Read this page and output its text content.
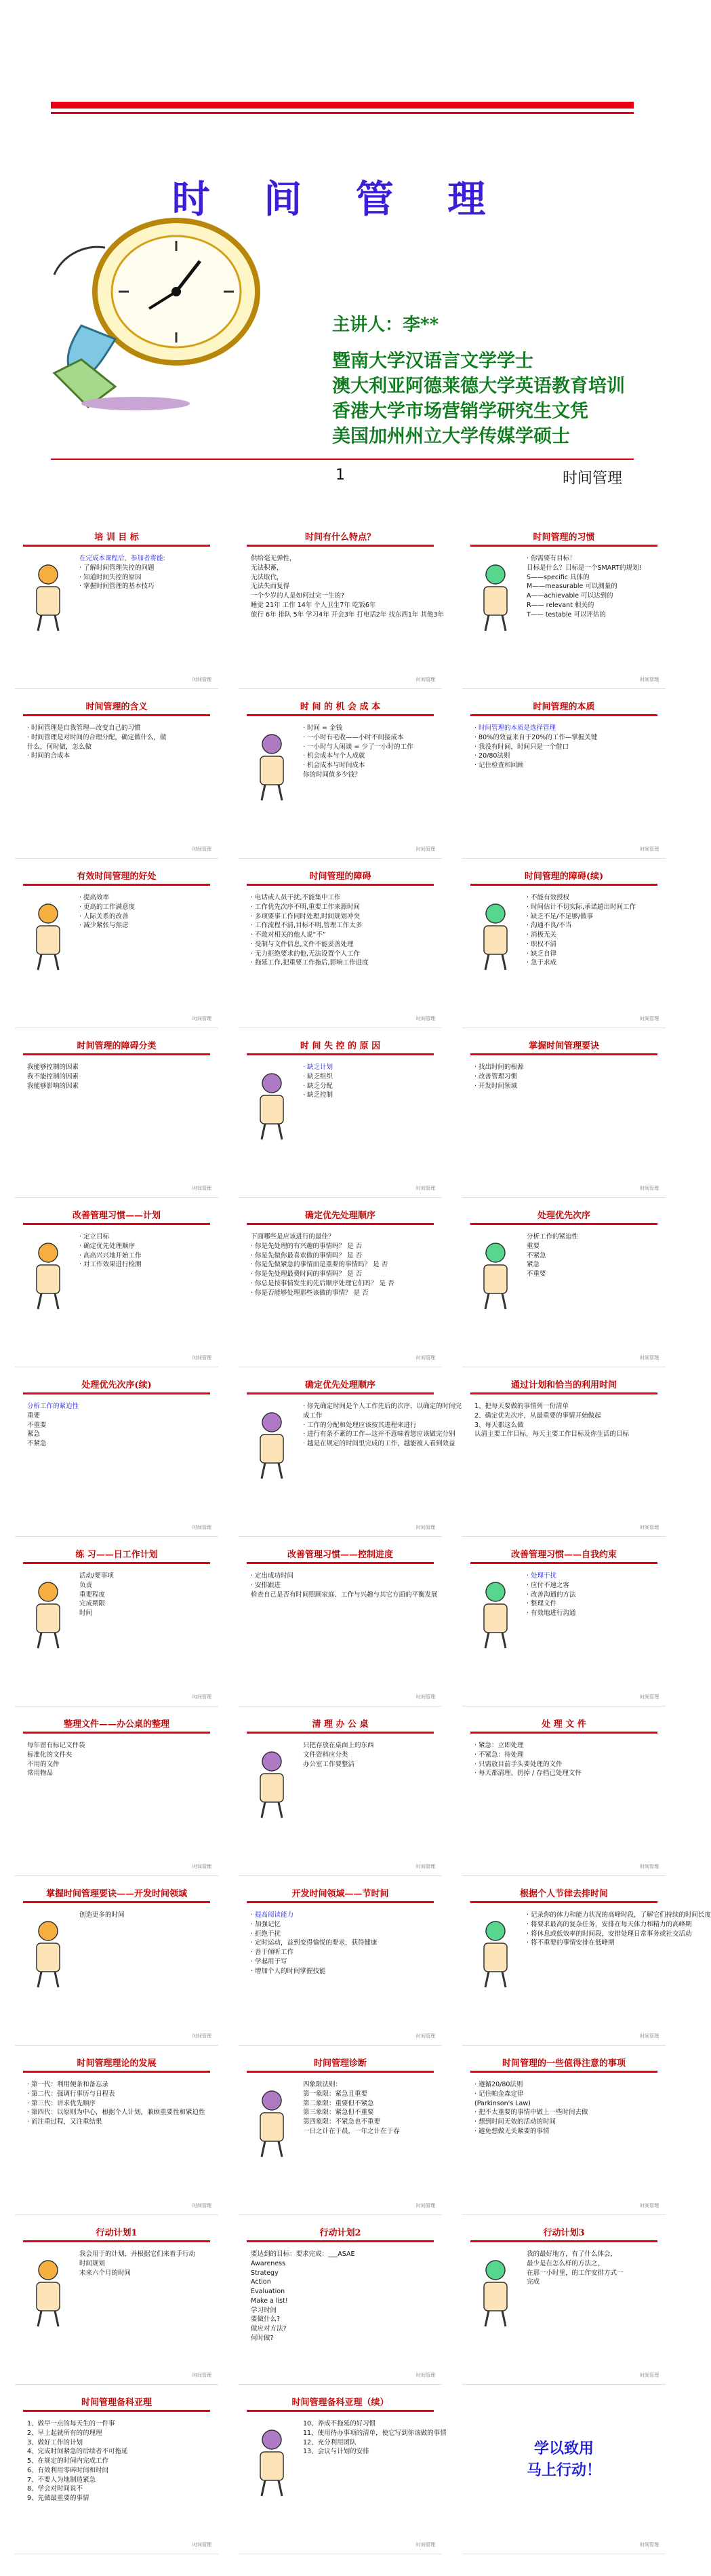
时 间 管 理
主讲人：李**
暨南大学汉语言文学学士
澳大利亚阿德莱德大学英语教育培训
香港大学市场营销学研究生文凭
美国加州州立大学传媒学硕士
1	时间管理
培 训 目 标
在完成本课程后，参加者将能:
· 了解时间管理失控的问题
· 知道时间失控的原因
· 掌握时间管理的基本技巧
时间管理
时间有什么特点？
供给毫无弹性，
无法积蓄，
无法取代，
无法失而复得
一个少岁的人是如何过完一生的?
睡觉 21年 工作 14年 个人卫生7年 吃饭6年
旅行 6年 排队 5年 学习4年 开会3年 打电话2年 找东西1年 其他3年
时间管理
时间管理的习惯
· 你需要有目标！
目标是什么？目标是一个SMART的规划!
S——specific 具体的
M——measurable 可以测量的
A——achievable 可以达到的
R—— relevant 相关的
T—— testable 可以评估的
时间管理
时间管理的含义
· 时间管理是自我管理—改变自己的习惯
· 时间管理是对时间的合理分配，确定做什么，做
什么，何时做，怎么做
· 时间的合成本
时间管理
时 间 的 机 会 成 本
· 时间 = 金钱
· 一小时有毛收——小时不间接成本
· 一小时与人闲谈 = 少了一小时的工作
· 机会成本与个人成就
· 机会成本与时间成本
你的时间值多少钱？
时间管理
时间管理的本质
· 时间管理的本质是选择管理
· 80%的效益来自于20%的工作—掌握关键
· 我没有时间，时间只是一个借口
· 20/80法则
· 记住检查和回顾
时间管理
有效时间管理的好处
· 提高效率
· 更高的工作满意度
· 人际关系的改善
· 减少紧张与焦虑
时间管理
时间管理的障碍
· 电话或人员干扰,不能集中工作
· 工作优先次序不明,重要工作来源时间
· 多项要事工作同时处理,时间规划冲突
· 工作流程不清,目标不明,管理工作太多
· 不敢对相关的他人说“不”
· 受制与文件信息,文件不能妥善处理
· 无力拒绝要求的他,无法设置个人工作
· 拖延工作,把重要工作拖后,影响工作进度
时间管理
时间管理的障碍(续)
· 不能有效授权
· 时间估计不切实际,承诺超出时间工作
· 缺乏不足/不足够/做事
· 沟通不良/不当
· 消极无关
· 职权不清
· 缺乏自律
· 急于求成
时间管理
时间管理的障碍分类
我能够控制的因素
我不能控制的因素
我能够影响的因素
时间管理
时 间 失 控 的 原 因
· 缺乏计划
· 缺乏组织
· 缺乏分配
· 缺乏控制
时间管理
掌握时间管理要诀
· 找出时间的根源
· 改善管理习惯
· 开发时间领域
时间管理
改善管理习惯——计划
· 定立目标
· 确定优先处理顺序
· 高高兴兴地开始工作
· 对工作效果进行检测
时间管理
确定优先处理顺序
下面哪些是应该进行的最佳？
· 你是先处理的有兴趣的事情吗？ 是 否
· 你是先做你最喜欢做的事情吗？ 是 否
· 你是先做紧急的事情而是重要的事情吗？ 是 否
· 你是先处理最费时间的事情吗？ 是 否
· 你总是按事情发生的先后顺序处理它们吗？ 是 否
· 你是否能够处理那些该做的事情？ 是 否
时间管理
处理优先次序
分析工作的紧迫性
重要
不紧急
紧急
不重要
时间管理
处理优先次序(续)
分析工作的紧迫性
重要
不重要
紧急
不紧急
时间管理
确定优先处理顺序
· 你先确定时间是个人工作先后的次序，以确定的时间完
成工作
· 工作的分配和处理应该按其进程来进行
· 进行有条不紊的工作—这并不意味着您应该做完分别
· 越是在规定的时间里完成的工作，越能被人看到效益
时间管理
通过计划和恰当的利用时间
1、把每天要做的事情列一份清单
2、确定优先次序，从最重要的事情开始做起
3、每天都这么做
认清主要工作目标，每天主要工作目标及你生活的目标
时间管理
练 习——日工作计划
活动/要事项
负责
重要程度
完成期限
时间
时间管理
改善管理习惯——控制进度
· 定出成功时间
· 安排跟进
检查自己是否有时间照顾家庭、工作与兴趣与其它方面的平衡发展
时间管理
改善管理习惯——自我约束
· 处理干扰
· 应付不速之客
· 改善沟通的方法
· 整理文件
· 有效地进行沟通
时间管理
整理文件——办公桌的整理
每年留有标记文件袋
标准化的文件夹
不用的文件
常用物品
时间管理
清 理 办 公 桌
只把存放在桌面上的东西
文件资料应分类
办公室工作要整洁
时间管理
处 理 文 件
· 紧急：立即处理
· 不紧急：待处理
· 只需放目前手头要处理的文件
· 每天都清理、扔掉 / 存档已处理文件
时间管理
掌握时间管理要诀——开发时间领域
创造更多的时间
时间管理
开发时间领域——节时间
· 提高阅读能力
· 加强记忆
· 拒绝干扰
· 定时运动，益到变得愉悦的要求，获得健康
· 善于倾听工作
· 学起用于写
· 增加个人的时间掌握技能
时间管理
根据个人节律去排时间
· 记录你的体力和能力状况的高峰时段，了解它们持续的时间长度
· 将要求最高的复杂任务，安排在每天体力和精力的高峰期
· 将休息或低效率的时间段，安排处理日常事务或社交活动
· 将不重要的事情安排在低峰期
时间管理
时间管理理论的发展
· 第一代：利用便条和备忘录
· 第二代：强调行事历与日程表
· 第三代：讲求优先顺序
· 第四代：以原则为中心，根据个人计划，兼顾重要性和紧迫性
· 而注重过程，又注重结果
时间管理
时间管理诊断
四象限法则：
第一象限：紧急且重要
第二象限：重要但不紧急
第三象限：紧急但不重要
第四象限：不紧急也不重要
一日之计在于晨，一年之计在于春
时间管理
时间管理的一些值得注意的事项
· 遵循20/80法则
· 记住帕金森定律
(Parkinson's Law)
· 把不太重要的事情中做上一些时间去做
· 想到时间无效的活动的时间
· 避免想做无关紧要的事情
时间管理
行动计划1
我会用于的计划，并根据它们来着手行动
时间规划
未来六个月的时间
时间管理
行动计划2
要达到的目标：要求完成：___ASAE
Awareness
Strategy
Action
Evaluation
Make a list!
学习时间
要做什么?
做应对方法?
何时做?
时间管理
行动计划3
我的最好地方，有了什么体会，
最少是在怎么样的方法之，
在那一小时里，的工作安排方式一
完成
时间管理
时间管理备科亚理
1、做早一点的每天生的一件事
2、早上起就所有的的理理
3、做好工作的计划
4、完成时间紧急的后续者不可拖延
5、在规定的时间内完成工作
6、有效利用零碎时间和时间
7、不要人为地制造紧急
8、学会对时间说不
9、先做最重要的事情
时间管理
时间管理备科亚理（续）
10、养成不拖延的好习惯
11、使用待办事项的清单，使它写到你该做的事情
12、充分利用团队
13、会议与计划的安排
时间管理
学以致用
马上行动！
时间管理
